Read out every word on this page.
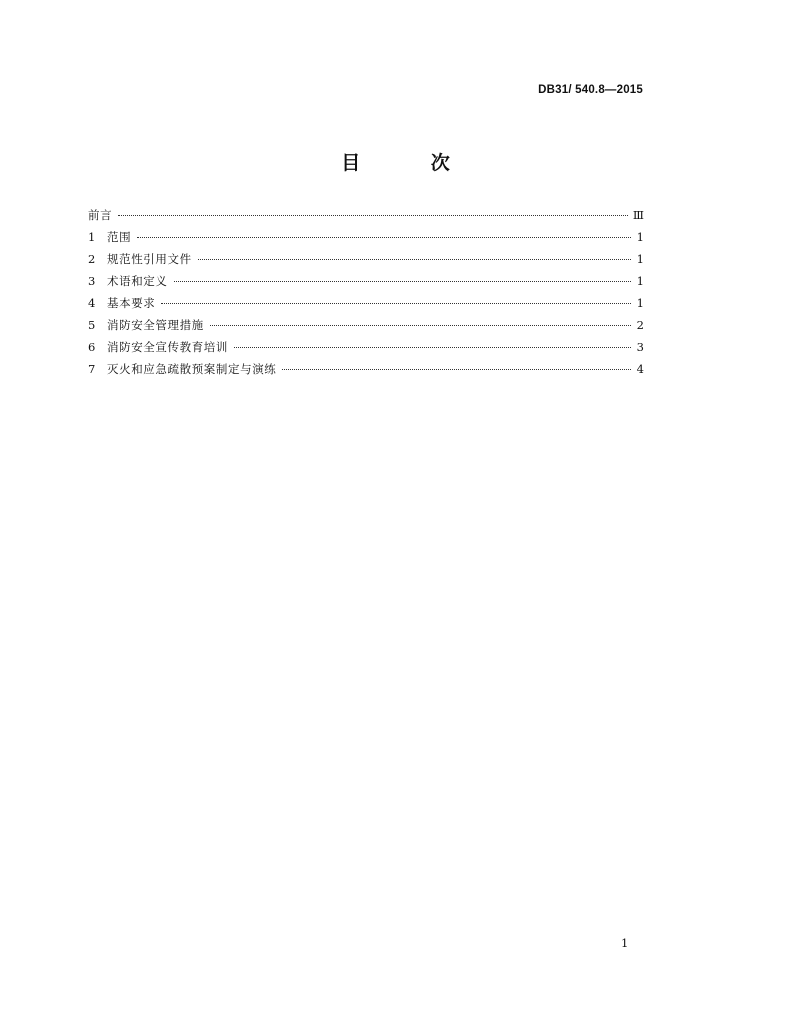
DB31/ 540.8—2015
目 次
前言	Ⅲ
1	范围	1
2	规范性引用文件	1
3	术语和定义	1
4	基本要求	1
5	消防安全管理措施	2
6	消防安全宣传教育培训	3
7	灭火和应急疏散预案制定与演练	4
1
